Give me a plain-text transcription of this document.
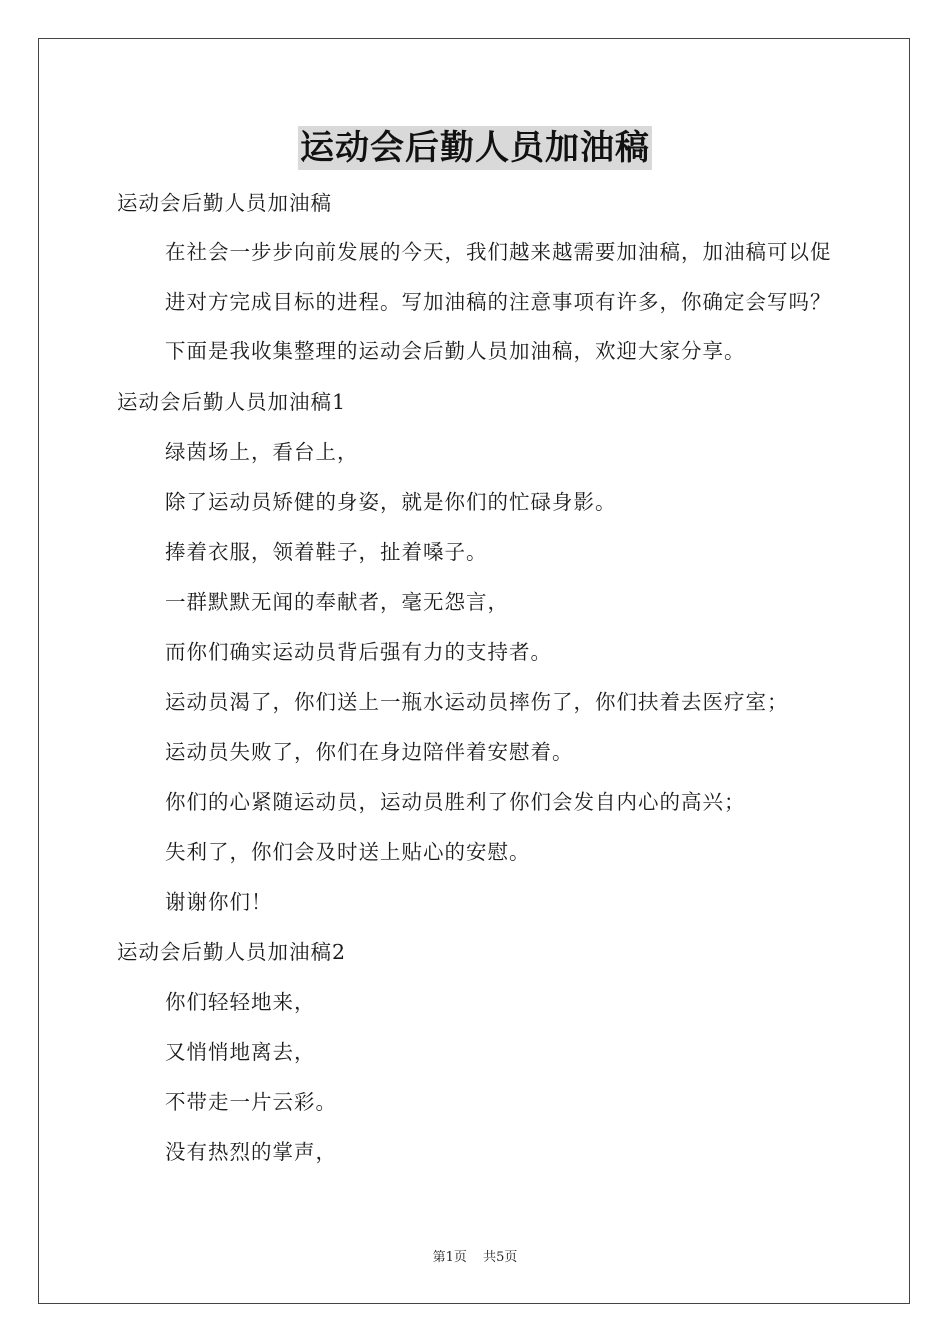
运动会后勤人员加油稿

运动会后勤人员加油稿

在社会一步步向前发展的今天，我们越来越需要加油稿，加油稿可以促进对方完成目标的进程。写加油稿的注意事项有许多，你确定会写吗？下面是我收集整理的运动会后勤人员加油稿，欢迎大家分享。

运动会后勤人员加油稿1

绿茵场上，看台上，

除了运动员矫健的身姿，就是你们的忙碌身影。

捧着衣服，领着鞋子，扯着嗓子。

一群默默无闻的奉献者，毫无怨言，

而你们确实运动员背后强有力的支持者。

运动员渴了，你们送上一瓶水运动员摔伤了，你们扶着去医疗室；

运动员失败了，你们在身边陪伴着安慰着。

你们的心紧随运动员，运动员胜利了你们会发自内心的高兴；

失利了，你们会及时送上贴心的安慰。

谢谢你们！

运动会后勤人员加油稿2

你们轻轻地来，

又悄悄地离去，

不带走一片云彩。

没有热烈的掌声，

第1页 共5页
